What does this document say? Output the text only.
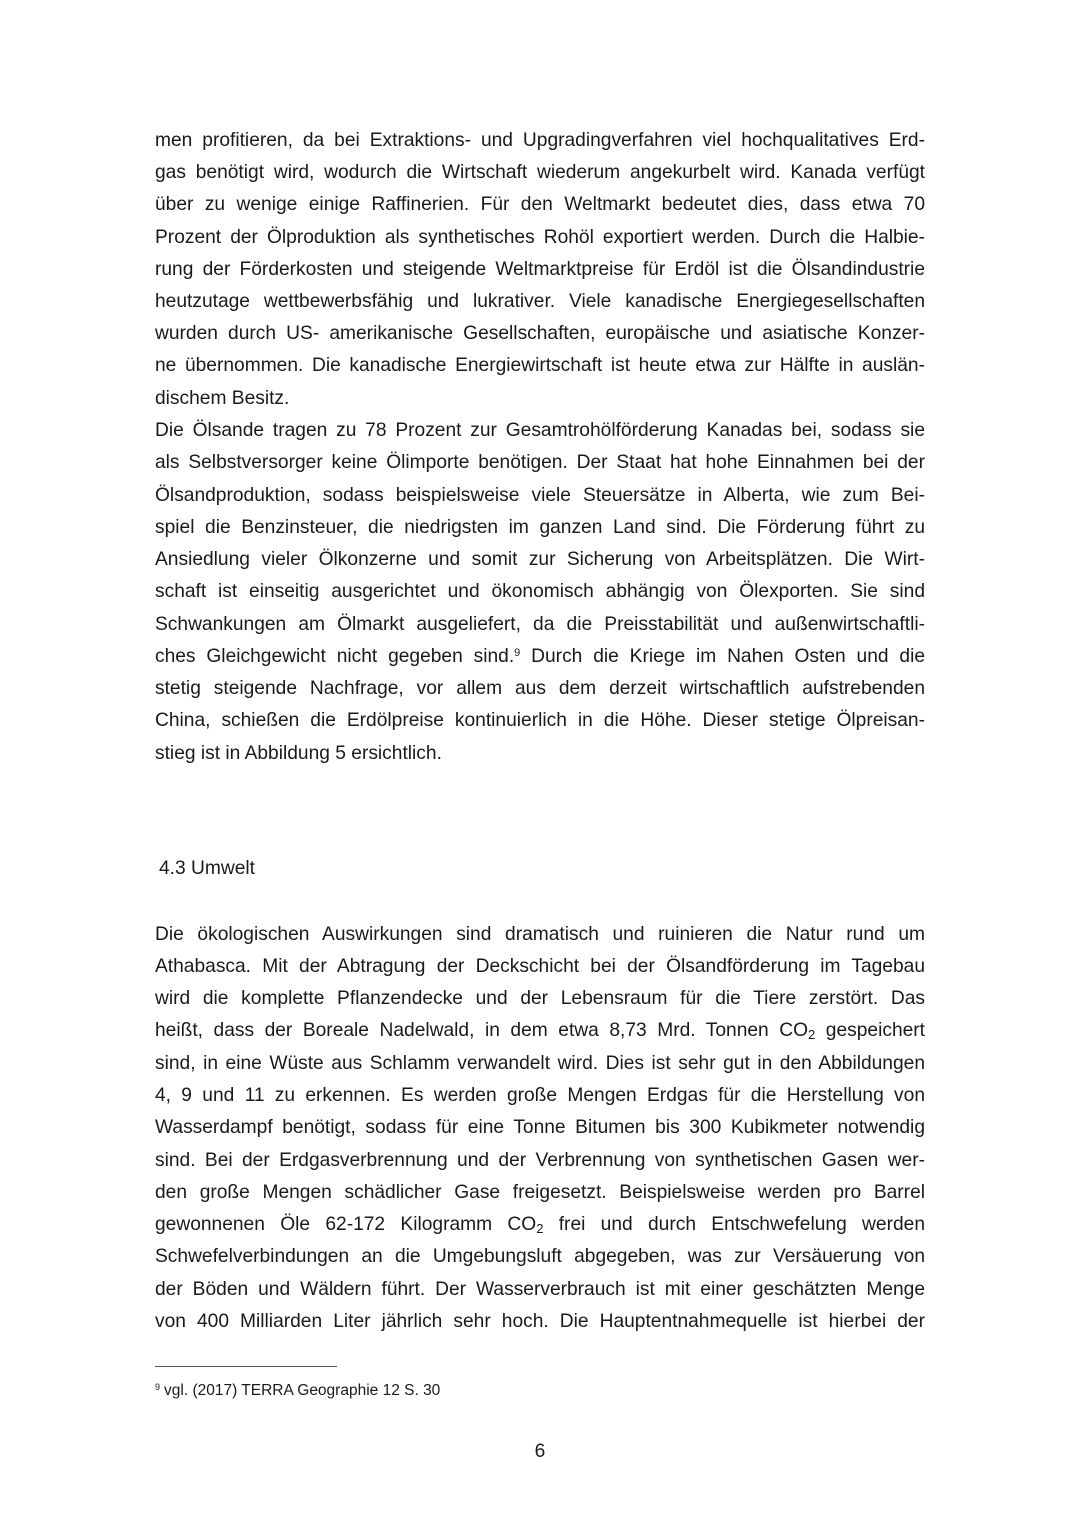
men profitieren, da bei Extraktions- und Upgradingverfahren viel hochqualitatives Erd-
gas benötigt wird, wodurch die Wirtschaft wiederum angekurbelt wird. Kanada verfügt
über zu wenige einige Raffinerien. Für den Weltmarkt bedeutet dies, dass etwa 70
Prozent der Ölproduktion als synthetisches Rohöl exportiert werden. Durch die Halbie-
rung der Förderkosten und steigende Weltmarktpreise für Erdöl ist die Ölsandindustrie
heutzutage wettbewerbsfähig und lukrativer. Viele kanadische Energiegesellschaften
wurden durch US- amerikanische Gesellschaften, europäische und asiatische Konzer-
ne übernommen. Die kanadische Energiewirtschaft ist heute etwa zur Hälfte in auslän-
dischem Besitz.
Die Ölsande tragen zu 78 Prozent zur Gesamtrohölförderung Kanadas bei, sodass sie
als Selbstversorger keine Ölimporte benötigen. Der Staat hat hohe Einnahmen bei der
Ölsandproduktion, sodass beispielsweise viele Steuersätze in Alberta, wie zum Bei-
spiel die Benzinsteuer, die niedrigsten im ganzen Land sind. Die Förderung führt zu
Ansiedlung vieler Ölkonzerne und somit zur Sicherung von Arbeitsplätzen. Die Wirt-
schaft ist einseitig ausgerichtet und ökonomisch abhängig von Ölexporten. Sie sind
Schwankungen am Ölmarkt ausgeliefert, da die Preisstabilität und außenwirtschaftli-
ches Gleichgewicht nicht gegeben sind.$^9$ Durch die Kriege im Nahen Osten und die
stetig steigende Nachfrage, vor allem aus dem derzeit wirtschaftlich aufstrebenden
China, schießen die Erdölpreise kontinuierlich in die Höhe. Dieser stetige Ölpreisan-
stieg ist in Abbildung 5 ersichtlich.
4.3 Umwelt
Die ökologischen Auswirkungen sind dramatisch und ruinieren die Natur rund um
Athabasca. Mit der Abtragung der Deckschicht bei der Ölsandförderung im Tagebau
wird die komplette Pflanzendecke und der Lebensraum für die Tiere zerstört. Das
heißt, dass der Boreale Nadelwald, in dem etwa 8,73 Mrd. Tonnen $CO_2$ gespeichert
sind, in eine Wüste aus Schlamm verwandelt wird. Dies ist sehr gut in den Abbildungen
4, 9 und 11 zu erkennen. Es werden große Mengen Erdgas für die Herstellung von
Wasserdampf benötigt, sodass für eine Tonne Bitumen bis 300 Kubikmeter notwendig
sind. Bei der Erdgasverbrennung und der Verbrennung von synthetischen Gasen wer-
den große Mengen schädlicher Gase freigesetzt. Beispielsweise werden pro Barrel
gewonnenen Öle 62-172 Kilogramm $CO_2$ frei und durch Entschwefelung werden
Schwefelverbindungen an die Umgebungsluft abgegeben, was zur Versäuerung von
der Böden und Wäldern führt. Der Wasserverbrauch ist mit einer geschätzten Menge
von 400 Milliarden Liter jährlich sehr hoch. Die Hauptentnahmequelle ist hierbei der
$^9$ vgl. (2017) TERRA Geographie 12 S. 30
6
